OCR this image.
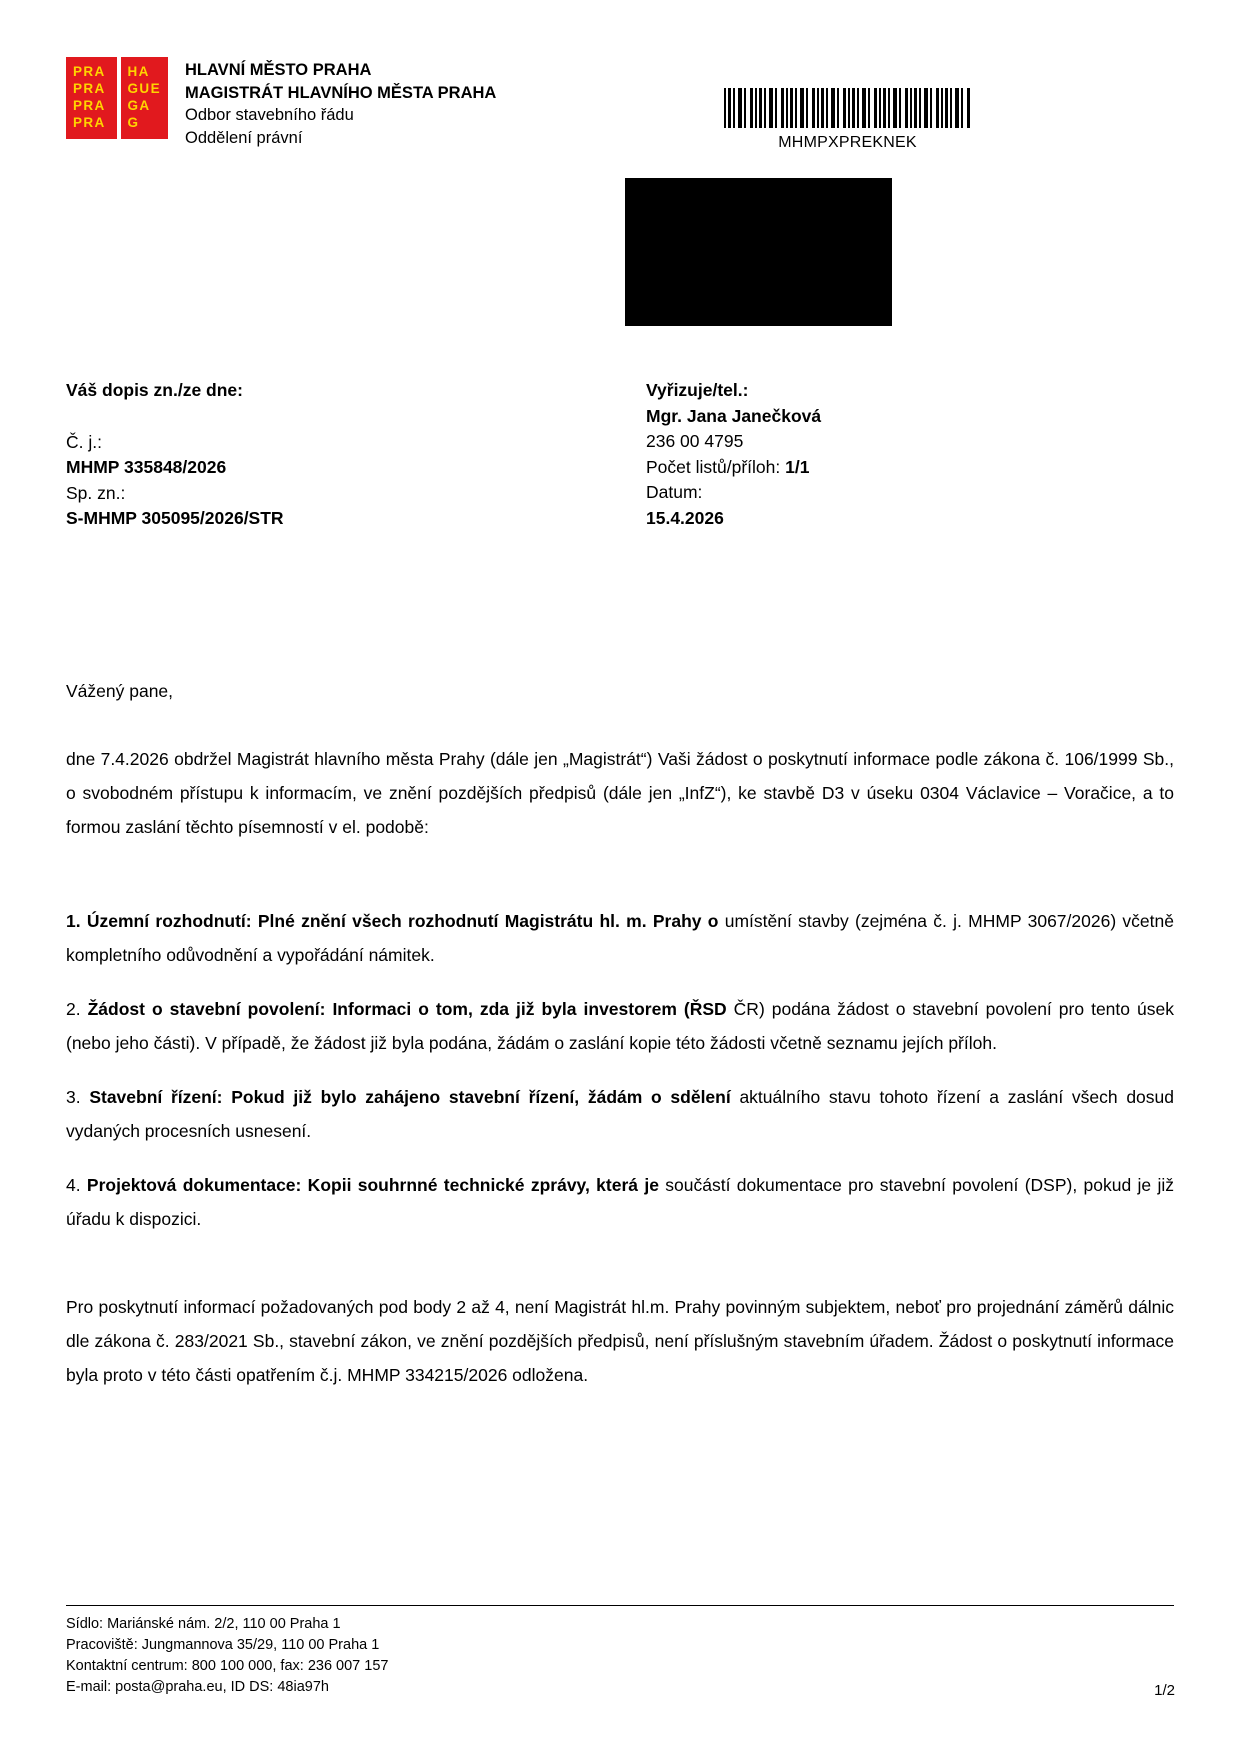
PRA
PRA
PRA
PRA
HA
GUE
GA
G
HLAVNÍ MĚSTO PRAHA
MAGISTRÁT HLAVNÍHO MĚSTA PRAHA
Odbor stavebního řádu
Oddělení právní	MHMPXPREKNEK
Váš dopis zn./ze dne:
Č. j.:
MHMP 335848/2026
Sp. zn.:
S-MHMP 305095/2026/STR
Vyřizuje/tel.:
Mgr. Jana Janečková
236 00 4795
Počet listů/příloh: 1/1
Datum:
15.4.2026
Vážený pane,

dne 7.4.2026 obdržel Magistrát hlavního města Prahy (dále jen „Magistrát“) Vaši žádost o poskytnutí informace podle zákona č. 106/1999 Sb., o svobodném přístupu k informacím, ve znění pozdějších předpisů (dále jen „InfZ“), ke stavbě D3 v úseku 0304 Václavice – Voračice, a to formou zaslání těchto písemností v el. podobě:

1. Územní rozhodnutí: Plné znění všech rozhodnutí Magistrátu hl. m. Prahy o umístění stavby (zejména č. j. MHMP 3067/2026) včetně kompletního odůvodnění a vypořádání námitek.

2. Žádost o stavební povolení: Informaci o tom, zda již byla investorem (ŘSD ČR) podána žádost o stavební povolení pro tento úsek (nebo jeho části). V případě, že žádost již byla podána, žádám o zaslání kopie této žádosti včetně seznamu jejích příloh.

3. Stavební řízení: Pokud již bylo zahájeno stavební řízení, žádám o sdělení aktuálního stavu tohoto řízení a zaslání všech dosud vydaných procesních usnesení.

4. Projektová dokumentace: Kopii souhrnné technické zprávy, která je součástí dokumentace pro stavební povolení (DSP), pokud je již úřadu k dispozici.

Pro poskytnutí informací požadovaných pod body 2 až 4, není Magistrát hl.m. Prahy povinným subjektem, neboť pro projednání záměrů dálnic dle zákona č. 283/2021 Sb., stavební zákon, ve znění pozdějších předpisů, není příslušným stavebním úřadem. Žádost o poskytnutí informace byla proto v této části opatřením č.j. MHMP 334215/2026 odložena.

Sídlo: Mariánské nám. 2/2, 110 00 Praha 1
Pracoviště: Jungmannova 35/29, 110 00 Praha 1
Kontaktní centrum: 800 100 000, fax: 236 007 157
E-mail: posta@praha.eu, ID DS: 48ia97h	1/2
